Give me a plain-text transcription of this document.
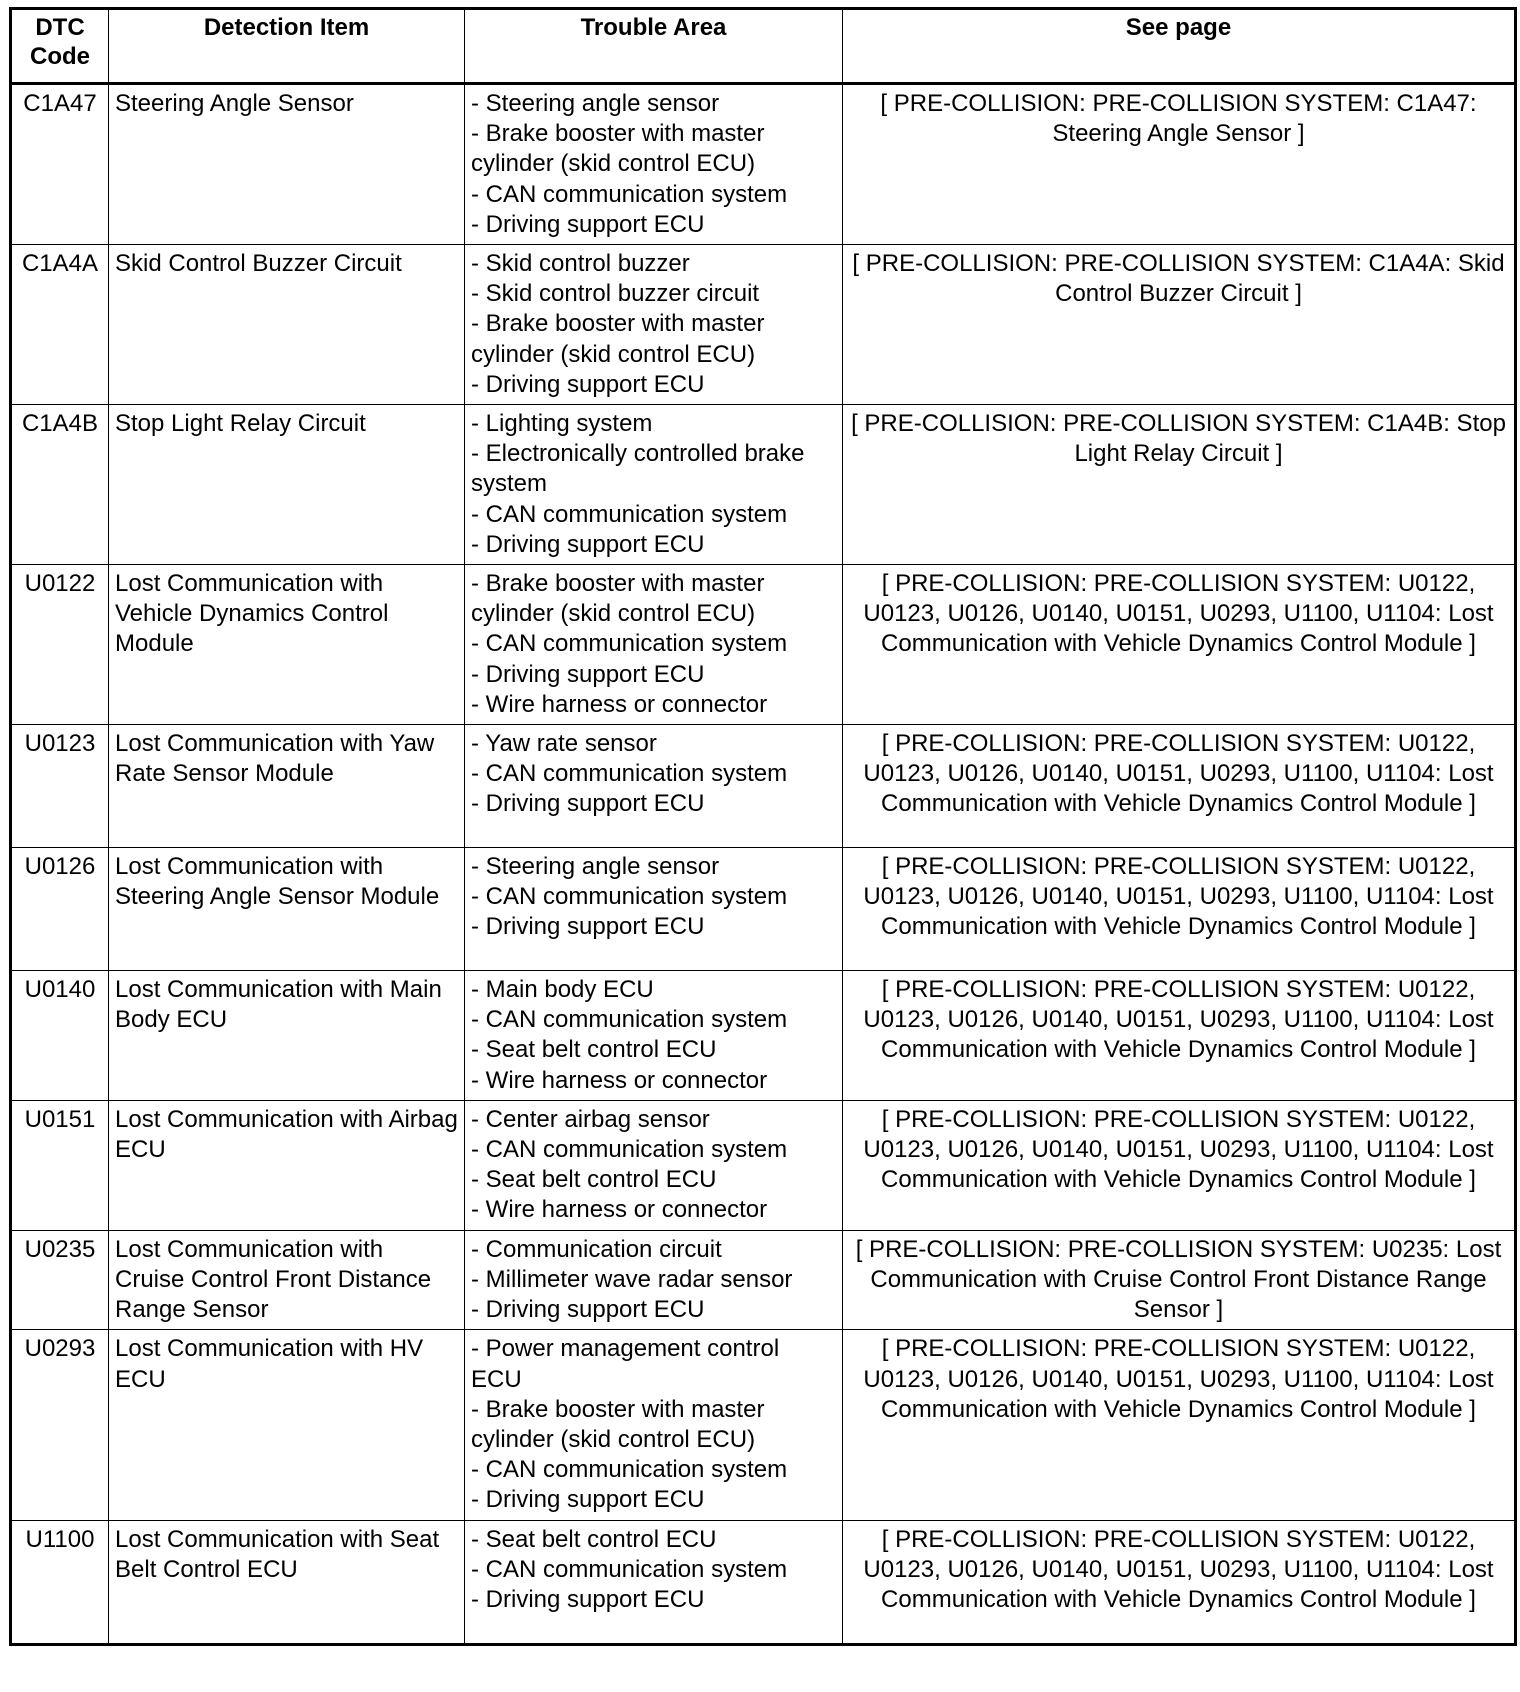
DTC
Code	Detection Item	Trouble Area	See page
C1A47	Steering Angle Sensor	- Steering angle sensor
- Brake booster with master cylinder (skid control ECU)
- CAN communication system
- Driving support ECU	[ PRE-COLLISION: PRE-COLLISION SYSTEM: C1A47: Steering Angle Sensor ]
C1A4A	Skid Control Buzzer Circuit	- Skid control buzzer
- Skid control buzzer circuit
- Brake booster with master cylinder (skid control ECU)
- Driving support ECU	[ PRE-COLLISION: PRE-COLLISION SYSTEM: C1A4A: Skid Control Buzzer Circuit ]
C1A4B	Stop Light Relay Circuit	- Lighting system
- Electronically controlled brake system
- CAN communication system
- Driving support ECU	[ PRE-COLLISION: PRE-COLLISION SYSTEM: C1A4B: Stop Light Relay Circuit ]
U0122	Lost Communication with Vehicle Dynamics Control Module	- Brake booster with master cylinder (skid control ECU)
- CAN communication system
- Driving support ECU
- Wire harness or connector	[ PRE-COLLISION: PRE-COLLISION SYSTEM: U0122, U0123, U0126, U0140, U0151, U0293, U1100, U1104: Lost Communication with Vehicle Dynamics Control Module ]
U0123	Lost Communication with Yaw Rate Sensor Module	- Yaw rate sensor
- CAN communication system
- Driving support ECU	[ PRE-COLLISION: PRE-COLLISION SYSTEM: U0122, U0123, U0126, U0140, U0151, U0293, U1100, U1104: Lost Communication with Vehicle Dynamics Control Module ]
U0126	Lost Communication with Steering Angle Sensor Module	- Steering angle sensor
- CAN communication system
- Driving support ECU	[ PRE-COLLISION: PRE-COLLISION SYSTEM: U0122, U0123, U0126, U0140, U0151, U0293, U1100, U1104: Lost Communication with Vehicle Dynamics Control Module ]
U0140	Lost Communication with Main Body ECU	- Main body ECU
- CAN communication system
- Seat belt control ECU
- Wire harness or connector	[ PRE-COLLISION: PRE-COLLISION SYSTEM: U0122, U0123, U0126, U0140, U0151, U0293, U1100, U1104: Lost Communication with Vehicle Dynamics Control Module ]
U0151	Lost Communication with Airbag ECU	- Center airbag sensor
- CAN communication system
- Seat belt control ECU
- Wire harness or connector	[ PRE-COLLISION: PRE-COLLISION SYSTEM: U0122, U0123, U0126, U0140, U0151, U0293, U1100, U1104: Lost Communication with Vehicle Dynamics Control Module ]
U0235	Lost Communication with Cruise Control Front Distance Range Sensor	- Communication circuit
- Millimeter wave radar sensor
- Driving support ECU	[ PRE-COLLISION: PRE-COLLISION SYSTEM: U0235: Lost Communication with Cruise Control Front Distance Range Sensor ]
U0293	Lost Communication with HV ECU	- Power management control ECU
- Brake booster with master cylinder (skid control ECU)
- CAN communication system
- Driving support ECU	[ PRE-COLLISION: PRE-COLLISION SYSTEM: U0122, U0123, U0126, U0140, U0151, U0293, U1100, U1104: Lost Communication with Vehicle Dynamics Control Module ]
U1100	Lost Communication with Seat Belt Control ECU	- Seat belt control ECU
- CAN communication system
- Driving support ECU	[ PRE-COLLISION: PRE-COLLISION SYSTEM: U0122, U0123, U0126, U0140, U0151, U0293, U1100, U1104: Lost Communication with Vehicle Dynamics Control Module ]
